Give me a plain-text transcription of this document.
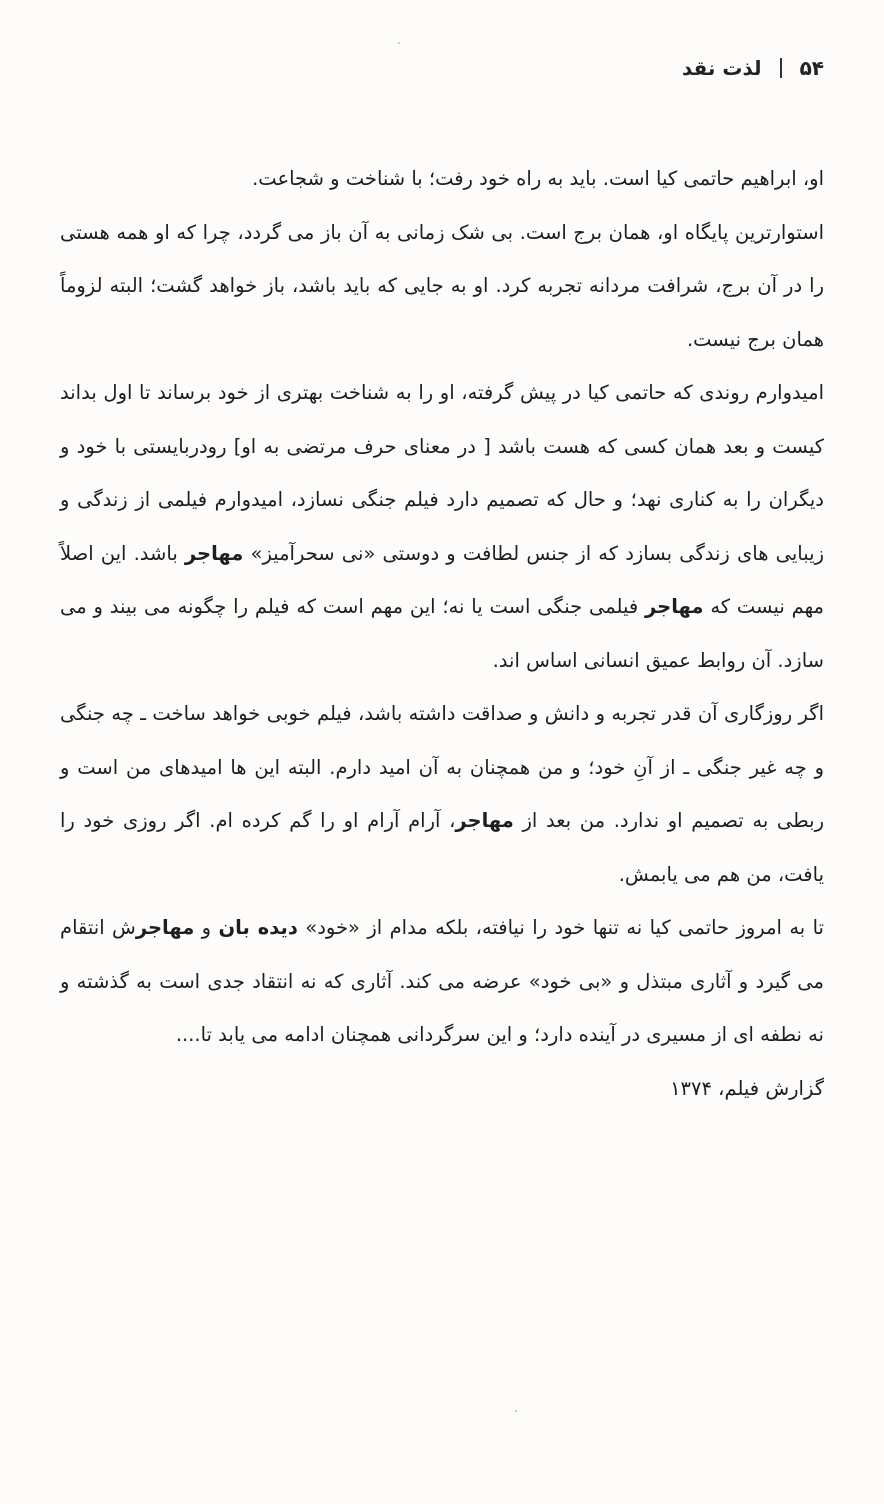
۵۴
لذت نقد

او، ابراهیم حاتمی کیا است. باید به راه خود رفت؛ با شناخت و شجاعت.

استوارترین پایگاه او، همان برج است. بی شک زمانی به آن باز می گردد، چرا که او همه هستی را در آن برج، شرافت مردانه تجربه کرد. او به جایی که باید باشد، باز خواهد گشت؛ البته لزوماً همان برج نیست.

امیدوارم روندی که حاتمی کیا در پیش گرفته، او را به شناخت بهتری از خود برساند تا اول بداند کیست و بعد همان کسی که هست باشد [ در معنای حرف مرتضی به او] رودربایستی با خود و دیگران را به کناری نهد؛ و حال که تصمیم دارد فیلم جنگی نسازد، امیدوارم فیلمی از زندگی و زیبایی های زندگی بسازد که از جنس لطافت و دوستی «نی سحرآمیز» مهاجر باشد. این اصلاً مهم نیست که مهاجر فیلمی جنگی است یا نه؛ این مهم است که فیلم را چگونه می بیند و می سازد. آن روابط عمیق انسانی اساس اند.

اگر روزگاری آن قدر تجربه و دانش و صداقت داشته باشد، فیلم خوبی خواهد ساخت ـ چه جنگی و چه غیر جنگی ـ از آنِ خود؛ و من همچنان به آن امید دارم. البته این ها امیدهای من است و ربطی به تصمیم او ندارد. من بعد از مهاجر، آرام آرام او را گم کرده ام. اگر روزی خود را یافت، من هم می یابمش.

تا به امروز حاتمی کیا نه تنها خود را نیافته، بلکه مدام از «خود» دیده بان و مهاجرش انتقام می گیرد و آثاری مبتذل و «بی خود» عرضه می کند. آثاری که نه انتقاد جدی است به گذشته و نه نطفه ای از مسیری در آینده دارد؛ و این سرگردانی همچنان ادامه می یابد تا....

گزارش فیلم، ۱۳۷۴
